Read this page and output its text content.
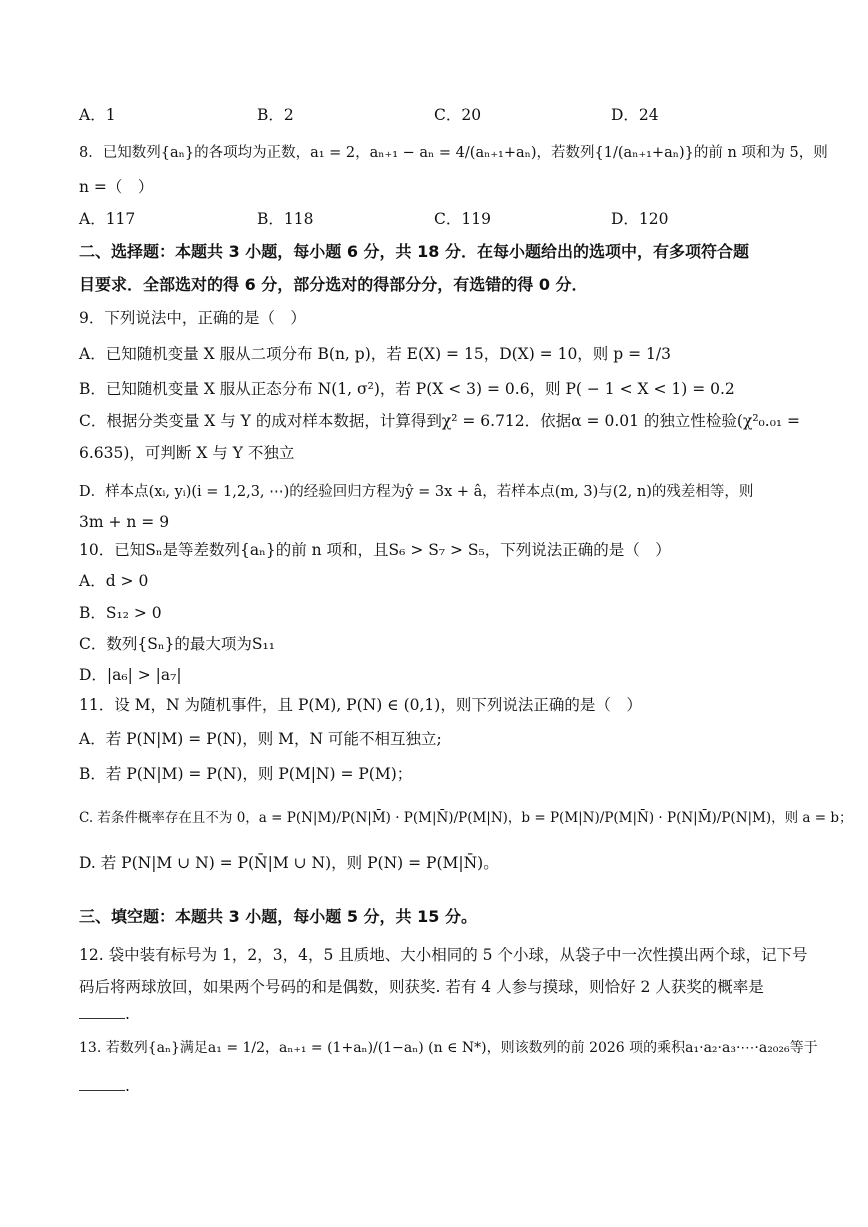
A．1	B．2	C．20	D．24
8．已知数列{aₙ}的各项均为正数，a₁ = 2，aₙ₊₁ − aₙ = 4/(aₙ₊₁+aₙ)，若数列{1/(aₙ₊₁+aₙ)}的前 n 项和为 5，则
n =（　）
A．117	B．118	C．119	D．120
二、选择题：本题共 3 小题，每小题 6 分，共 18 分．在每小题给出的选项中，有多项符合题
目要求．全部选对的得 6 分，部分选对的得部分分，有选错的得 0 分．
9．下列说法中，正确的是（　）
A．已知随机变量 X 服从二项分布 B(n, p)，若 E(X) = 15，D(X) = 10，则 p = 1/3
B．已知随机变量 X 服从正态分布 N(1, σ²)，若 P(X < 3) = 0.6，则 P( − 1 < X < 1) = 0.2
C．根据分类变量 X 与 Y 的成对样本数据，计算得到χ² = 6.712．依据α = 0.01 的独立性检验(χ²₀.₀₁ =
6.635)，可判断 X 与 Y 不独立
D．样本点(xᵢ, yᵢ)(i = 1,2,3, ⋯)的经验回归方程为ŷ = 3x + â，若样本点(m, 3)与(2, n)的残差相等，则
3m + n = 9
10．已知Sₙ是等差数列{aₙ}的前 n 项和，且S₆ > S₇ > S₅，下列说法正确的是（　）
A．d > 0
B．S₁₂ > 0
C．数列{Sₙ}的最大项为S₁₁
D．|a₆| > |a₇|
11．设 M，N 为随机事件，且 P(M), P(N) ∈ (0,1)，则下列说法正确的是（　）
A．若 P(N|M) = P(N)，则 M，N 可能不相互独立;
B．若 P(N|M) = P(N)，则 P(M|N) = P(M)；
C. 若条件概率存在且不为 0，a = P(N|M)/P(N|M̄) · P(M|N̄)/P(M|N)，b = P(M|N)/P(M|N̄) · P(N|M̄)/P(N|M)，则 a = b；
D. 若 P(N|M ∪ N) = P(N̄|M ∪ N)，则 P(N) = P(M|N̄)。
三、填空题：本题共 3 小题，每小题 5 分，共 15 分。
12. 袋中装有标号为 1，2，3，4，5 且质地、大小相同的 5 个小球，从袋子中一次性摸出两个球，记下号
码后将两球放回，如果两个号码的和是偶数，则获奖. 若有 4 人参与摸球，则恰好 2 人获奖的概率是
.
13. 若数列{aₙ}满足a₁ = 1/2，aₙ₊₁ = (1+aₙ)/(1−aₙ) (n ∈ N*)，则该数列的前 2026 项的乘积a₁·a₂·a₃·⋯·a₂₀₂₆等于
.
